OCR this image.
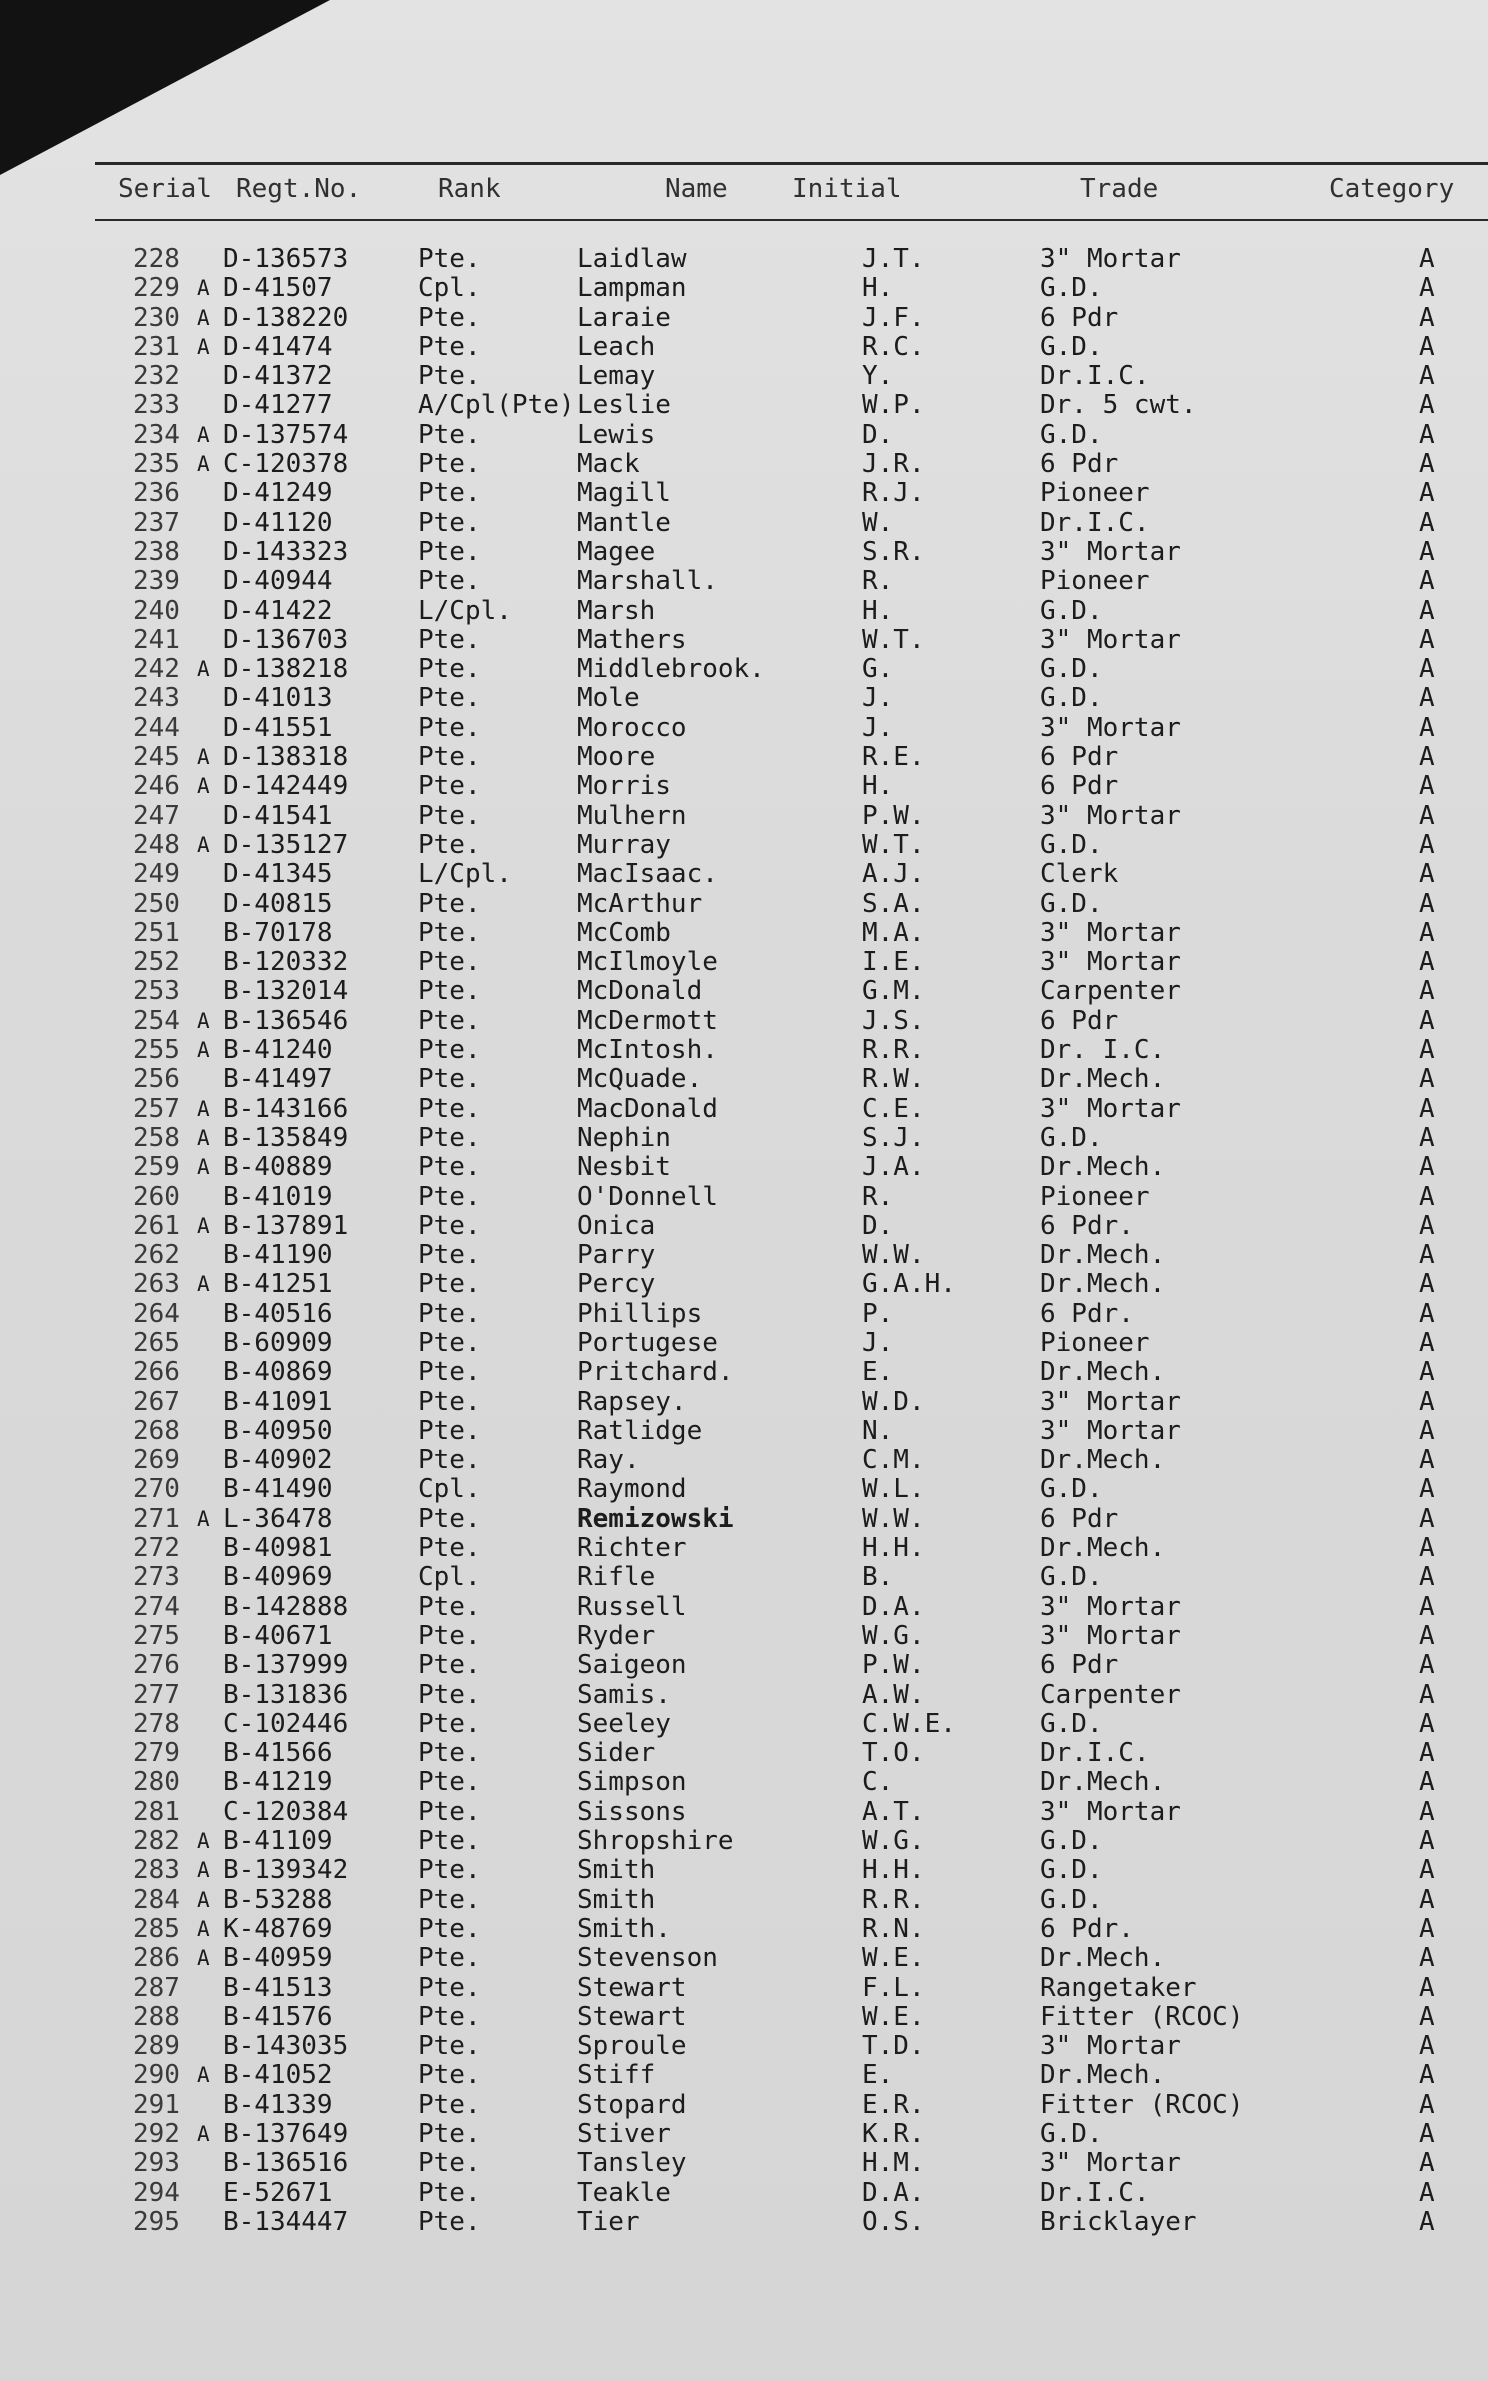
Serial Regt.No.	Rank	Name Initial	Trade	Category
228 D-136573	Pte.	Laidlaw	J.T.	3" Mortar	A
229 A D-41507	Cpl.	Lampman	H.	G.D.	A
230 A D-138220	Pte.	Laraie	J.F.	6 Pdr	A
231 A D-41474	Pte.	Leach	R.C.	G.D.	A
232 D-41372	Pte.	Lemay	Y.	Dr.I.C.	A
233 D-41277	A/Cpl(Pte) Leslie	W.P.	Dr. 5 cwt.	A
234 A D-137574	Pte.	Lewis	D.	G.D.	A
235 A C-120378	Pte.	Mack	J.R.	6 Pdr	A
236 D-41249	Pte.	Magill	R.J.	Pioneer	A
237 D-41120	Pte.	Mantle	W.	Dr.I.C.	A
238 D-143323	Pte.	Magee	S.R.	3" Mortar	A
239 D-40944	Pte.	Marshall.	R.	Pioneer	A
240 D-41422	L/Cpl.	Marsh	H.	G.D.	A
241 D-136703	Pte.	Mathers	W.T.	3" Mortar	A
242 A D-138218	Pte.	Middlebrook.	G.	G.D.	A
243 D-41013	Pte.	Mole	J.	G.D.	A
244 D-41551	Pte.	Morocco	J.	3" Mortar	A
245 A D-138318	Pte.	Moore	R.E.	6 Pdr	A
246 A D-142449	Pte.	Morris	H.	6 Pdr	A
247 D-41541	Pte.	Mulhern	P.W.	3" Mortar	A
248 A D-135127	Pte.	Murray	W.T.	G.D.	A
249 D-41345	L/Cpl.	MacIsaac.	A.J.	Clerk	A
250 D-40815	Pte.	McArthur	S.A.	G.D.	A
251 B-70178	Pte.	McComb	M.A.	3" Mortar	A
252 B-120332	Pte.	McIlmoyle	I.E.	3" Mortar	A
253 B-132014	Pte.	McDonald	G.M.	Carpenter	A
254 A B-136546	Pte.	McDermott	J.S.	6 Pdr	A
255 A B-41240	Pte.	McIntosh.	R.R.	Dr. I.C.	A
256 B-41497	Pte.	McQuade.	R.W.	Dr.Mech.	A
257 A B-143166	Pte.	MacDonald	C.E.	3" Mortar	A
258 A B-135849	Pte.	Nephin	S.J.	G.D.	A
259 A B-40889	Pte.	Nesbit	J.A.	Dr.Mech.	A
260 B-41019	Pte.	O'Donnell	R.	Pioneer	A
261 A B-137891	Pte.	Onica	D.	6 Pdr.	A
262 B-41190	Pte.	Parry	W.W.	Dr.Mech.	A
263 A B-41251	Pte.	Percy	G.A.H.	Dr.Mech.	A
264 B-40516	Pte.	Phillips	P.	6 Pdr.	A
265 B-60909	Pte.	Portugese	J.	Pioneer	A
266 B-40869	Pte.	Pritchard.	E.	Dr.Mech.	A
267 B-41091	Pte.	Rapsey.	W.D.	3" Mortar	A
268 B-40950	Pte.	Ratlidge	N.	3" Mortar	A
269 B-40902	Pte.	Ray.	C.M.	Dr.Mech.	A
270 B-41490	Cpl.	Raymond	W.L.	G.D.	A
271 A L-36478	Pte.	Remizowski	W.W.	6 Pdr	A
272 B-40981	Pte.	Richter	H.H.	Dr.Mech.	A
273 B-40969	Cpl.	Rifle	B.	G.D.	A
274 B-142888	Pte.	Russell	D.A.	3" Mortar	A
275 B-40671	Pte.	Ryder	W.G.	3" Mortar	A
276 B-137999	Pte.	Saigeon	P.W.	6 Pdr	A
277 B-131836	Pte.	Samis.	A.W.	Carpenter	A
278 C-102446	Pte.	Seeley	C.W.E.	G.D.	A
279 B-41566	Pte.	Sider	T.O.	Dr.I.C.	A
280 B-41219	Pte.	Simpson	C.	Dr.Mech.	A
281 C-120384	Pte.	Sissons	A.T.	3" Mortar	A
282 A B-41109	Pte.	Shropshire	W.G.	G.D.	A
283 A B-139342	Pte.	Smith	H.H.	G.D.	A
284 A B-53288	Pte.	Smith	R.R.	G.D.	A
285 A K-48769	Pte.	Smith.	R.N.	6 Pdr.	A
286 A B-40959	Pte.	Stevenson	W.E.	Dr.Mech.	A
287 B-41513	Pte.	Stewart	F.L.	Rangetaker	A
288 B-41576	Pte.	Stewart	W.E.	Fitter (RCOC)	A
289 B-143035	Pte.	Sproule	T.D.	3" Mortar	A
290 A B-41052	Pte.	Stiff	E.	Dr.Mech.	A
291 B-41339	Pte.	Stopard	E.R.	Fitter (RCOC)	A
292 A B-137649	Pte.	Stiver	K.R.	G.D.	A
293 B-136516	Pte.	Tansley	H.M.	3" Mortar	A
294 E-52671	Pte.	Teakle	D.A.	Dr.I.C.	A
295 B-134447	Pte.	Tier	O.S.	Bricklayer	A
